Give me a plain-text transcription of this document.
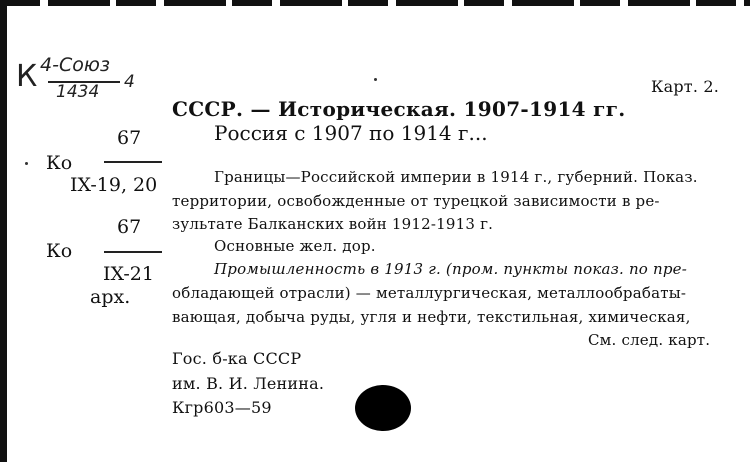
К 4-Союз
4
1434	Карт. 2.
67
Ко
IX-19, 20
67
Ко
IX-21
арх.
СССР. — Историческая. 1907-1914 гг.
Россия с 1907 по 1914 г...
Границы—Российской империи в 1914 г., губерний. Показ.
территории, освобожденные от турецкой зависимости в ре-
зультате Балканских войн 1912-1913 г.
Основные жел. дор.
Промышленность в 1913 г. (пром. пункты показ. по пре-
обладающей отрасли) — металлургическая, металлообрабаты-
вающая, добыча руды, угля и нефти, текстильная, химическая,
См. след. карт.
Гос. б-ка СССР
им. В. И. Ленина.
Кгр603—59
